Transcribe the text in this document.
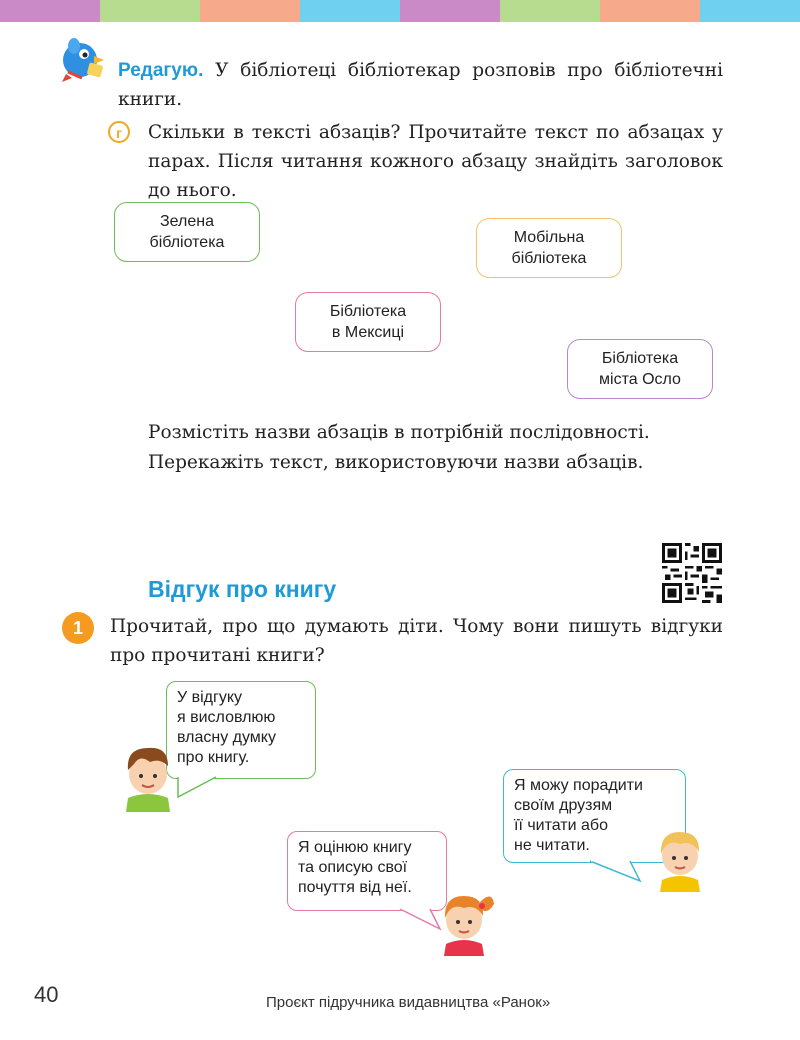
Редагую. У бібліотеці бібліотекар розповів про бібліотечні книги.
г	Скільки в тексті абзаців? Прочитайте текст по абзацах у парах. Після читання кожного абзацу знайдіть заголовок до нього.
Зелена
бібліотека	Мобільна
бібліотека
Бібліотека
в Мексиці
Бібліотека
міста Осло
Розмістіть назви абзаців в потрібній послідовності.
Перекажіть текст, використовуючи назви абзаців.
Відгук про книгу
1	Прочитай, про що думають діти. Чому вони пишуть відгуки про прочитані книги?
У відгуку
я висловлюю
власну думку
про книгу.
Я можу порадити
своїм друзям
її читати або
не читати.
Я оцінюю книгу
та описую свої
почуття від неї.
40	Проєкт підручника видавництва «Ранок»
